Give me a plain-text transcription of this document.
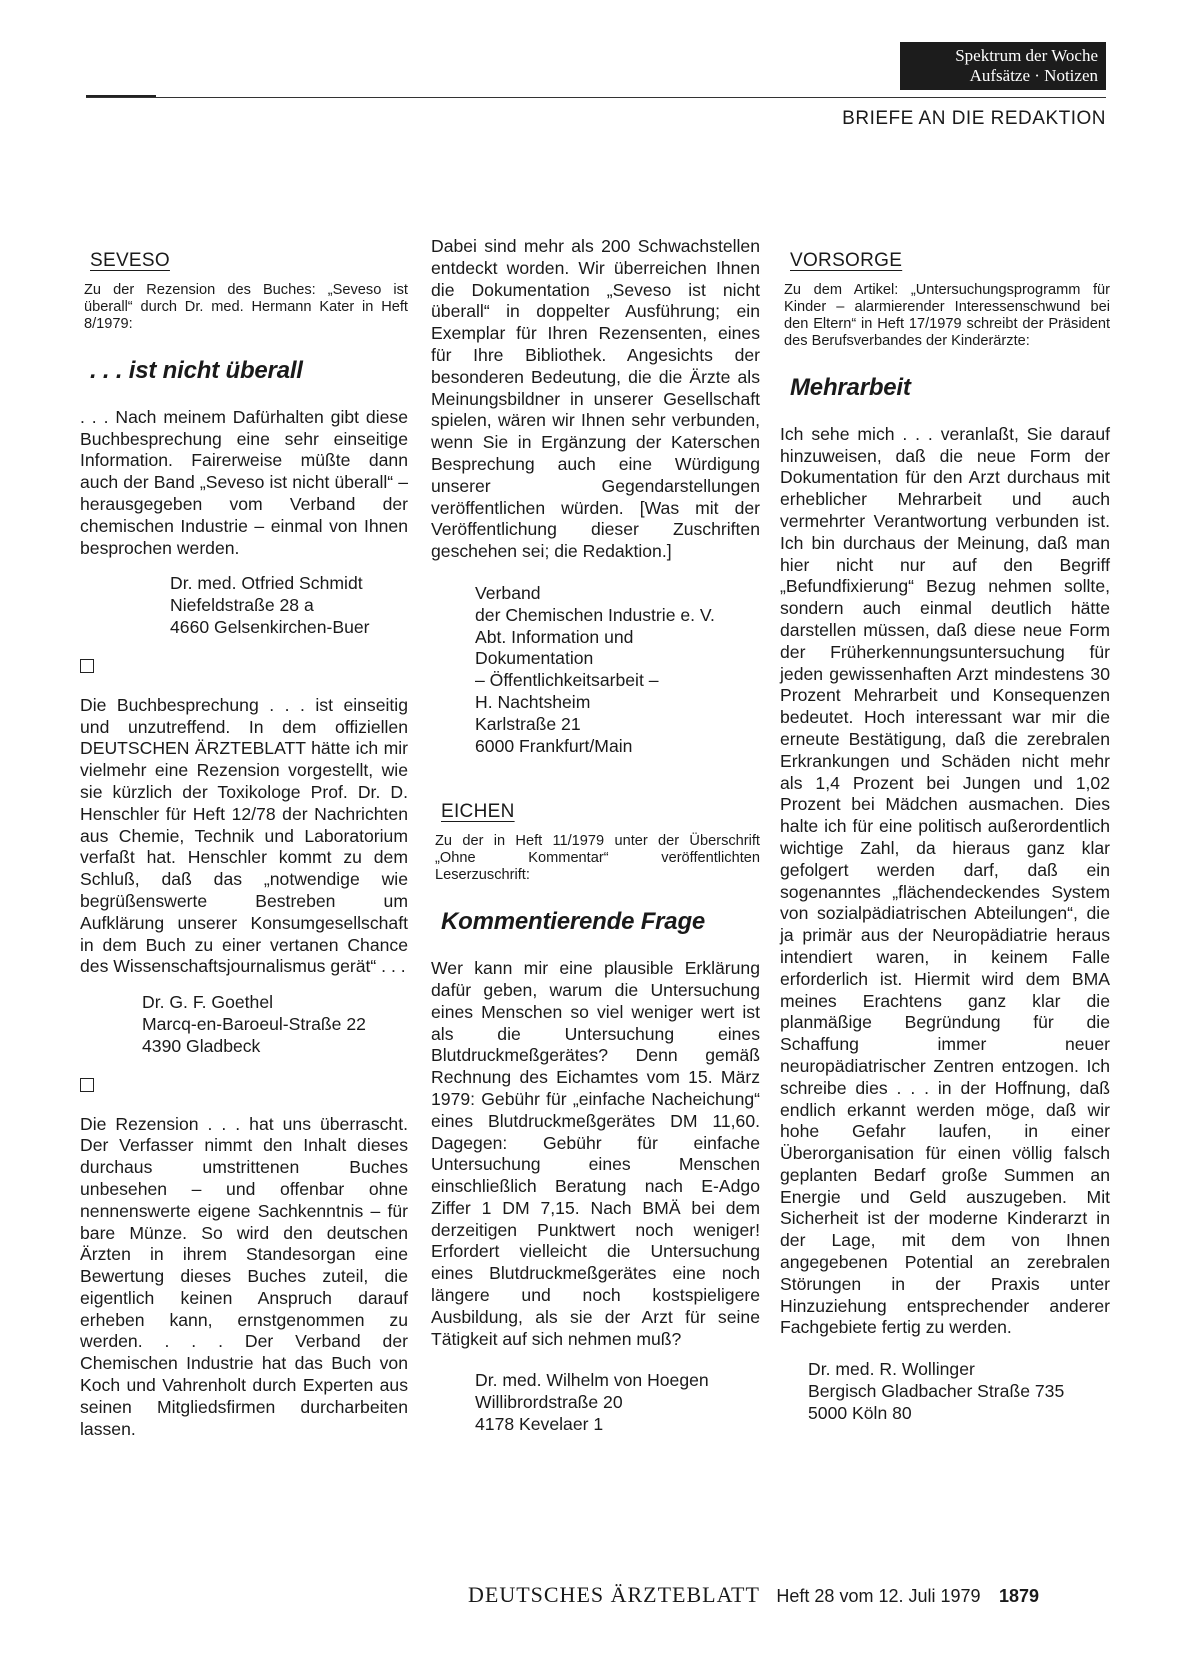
Spektrum der Woche
Aufsätze · Notizen
BRIEFE AN DIE REDAKTION
SEVESO

Zu der Rezension des Buches: „Seveso ist überall“ durch Dr. med. Hermann Kater in Heft 8/1979:

. . . ist nicht überall

. . . Nach meinem Dafürhalten gibt diese Buchbesprechung eine sehr einseitige Information. Fairerweise müßte dann auch der Band „Seveso ist nicht überall“ – herausgegeben vom Verband der chemischen Industrie – einmal von Ihnen besprochen werden.

Dr. med. Otfried Schmidt
Niefeldstraße 28 a
4660 Gelsenkirchen-Buer

Die Buchbesprechung . . . ist einseitig und unzutreffend. In dem offiziellen DEUTSCHEN ÄRZTEBLATT hätte ich mir vielmehr eine Rezension vorgestellt, wie sie kürzlich der Toxikologe Prof. Dr. D. Henschler für Heft 12/78 der Nachrichten aus Chemie, Technik und Laboratorium verfaßt hat. Henschler kommt zu dem Schluß, daß das „notwendige wie begrüßenswerte Bestreben um Aufklärung unserer Konsumgesellschaft in dem Buch zu einer vertanen Chance des Wissenschaftsjournalismus gerät“ . . .

Dr. G. F. Goethel
Marcq-en-Baroeul-Straße 22
4390 Gladbeck

Die Rezension . . . hat uns überrascht. Der Verfasser nimmt den Inhalt dieses durchaus umstrittenen Buches unbesehen – und offenbar ohne nennenswerte eigene Sachkenntnis – für bare Münze. So wird den deutschen Ärzten in ihrem Standesorgan eine Bewertung dieses Buches zuteil, die eigentlich keinen Anspruch darauf erheben kann, ernstgenommen zu werden. . . . Der Verband der Chemischen Industrie hat das Buch von Koch und Vahrenholt durch Experten aus seinen Mitgliedsfirmen durcharbeiten lassen.

Dabei sind mehr als 200 Schwachstellen entdeckt worden. Wir überreichen Ihnen die Dokumentation „Seveso ist nicht überall“ in doppelter Ausführung; ein Exemplar für Ihren Rezensenten, eines für Ihre Bibliothek. Angesichts der besonderen Bedeutung, die die Ärzte als Meinungsbildner in unserer Gesellschaft spielen, wären wir Ihnen sehr verbunden, wenn Sie in Ergänzung der Katerschen Besprechung auch eine Würdigung unserer Gegendarstellungen veröffentlichen würden. [Was mit der Veröffentlichung dieser Zuschriften geschehen sei; die Redaktion.]

Verband
der Chemischen Industrie e. V.
Abt. Information und
Dokumentation
– Öffentlichkeitsarbeit –
H. Nachtsheim
Karlstraße 21
6000 Frankfurt/Main
EICHEN

Zu der in Heft 11/1979 unter der Überschrift „Ohne Kommentar“ veröffentlichten Leserzuschrift:

Kommentierende Frage

Wer kann mir eine plausible Erklärung dafür geben, warum die Untersuchung eines Menschen so viel weniger wert ist als die Untersuchung eines Blutdruckmeßgerätes? Denn gemäß Rechnung des Eichamtes vom 15. März 1979: Gebühr für „einfache Nacheichung“ eines Blutdruckmeßgerätes DM 11,60. Dagegen: Gebühr für einfache Untersuchung eines Menschen einschließlich Beratung nach E-Adgo Ziffer 1 DM 7,15. Nach BMÄ bei dem derzeitigen Punktwert noch weniger! Erfordert vielleicht die Untersuchung eines Blutdruckmeßgerätes eine noch längere und noch kostspieligere Ausbildung, als sie der Arzt für seine Tätigkeit auf sich nehmen muß?

Dr. med. Wilhelm von Hoegen
Willibrordstraße 20
4178 Kevelaer 1
VORSORGE

Zu dem Artikel: „Untersuchungsprogramm für Kinder – alarmierender Interessenschwund bei den Eltern“ in Heft 17/1979 schreibt der Präsident des Berufsverbandes der Kinderärzte:

Mehrarbeit

Ich sehe mich . . . veranlaßt, Sie darauf hinzuweisen, daß die neue Form der Dokumentation für den Arzt durchaus mit erheblicher Mehrarbeit und auch vermehrter Verantwortung verbunden ist. Ich bin durchaus der Meinung, daß man hier nicht nur auf den Begriff „Befundfixierung“ Bezug nehmen sollte, sondern auch einmal deutlich hätte darstellen müssen, daß diese neue Form der Früherkennungsuntersuchung für jeden gewissenhaften Arzt mindestens 30 Prozent Mehrarbeit und Konsequenzen bedeutet. Hoch interessant war mir die erneute Bestätigung, daß die zerebralen Erkrankungen und Schäden nicht mehr als 1,4 Prozent bei Jungen und 1,02 Prozent bei Mädchen ausmachen. Dies halte ich für eine politisch außerordentlich wichtige Zahl, da hieraus ganz klar gefolgert werden darf, daß ein sogenanntes „flächendeckendes System von sozialpädiatrischen Abteilungen“, die ja primär aus der Neuropädiatrie heraus intendiert waren, in keinem Falle erforderlich ist. Hiermit wird dem BMA meines Erachtens ganz klar die planmäßige Begründung für die Schaffung immer neuer neuropädiatrischer Zentren entzogen. Ich schreibe dies . . . in der Hoffnung, daß endlich erkannt werden möge, daß wir hohe Gefahr laufen, in einer Überorganisation für einen völlig falsch geplanten Bedarf große Summen an Energie und Geld auszugeben. Mit Sicherheit ist der moderne Kinderarzt in der Lage, mit dem von Ihnen angegebenen Potential an zerebralen Störungen in der Praxis unter Hinzuziehung entsprechender anderer Fachgebiete fertig zu werden.

Dr. med. R. Wollinger
Bergisch Gladbacher Straße 735
5000 Köln 80
DEUTSCHES ÄRZTEBLATT Heft 28 vom 12. Juli 1979 1879
